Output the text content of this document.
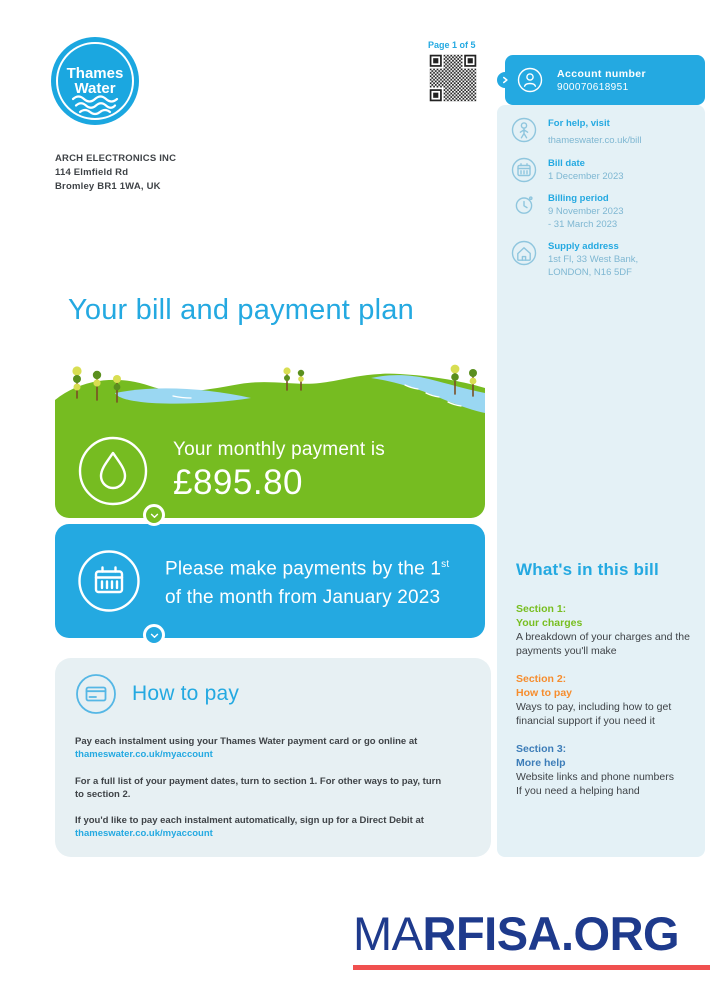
Thames
Water
ARCH ELECTRONICS INC
114 Elmfield Rd
Bromley BR1 1WA, UK
Page 1 of 5
For help, visit
thameswater.co.uk/bill
Bill date
1 December 2023
Billing period
9 November 2023
- 31 March 2023
Supply address
1st Fl, 33 West Bank,
LONDON, N16 5DF
What's in this bill
Section 1:
Your charges
A breakdown of your charges and the payments you'll make
Section 2:
How to pay
Ways to pay, including how to get financial support if you need it
Section 3:
More help
Website links and phone numbers
If you need a helping hand
Account number
900070618951
Your bill and payment plan
Your monthly payment is
£895.80
Please make payments by the 1st
of the month from January 2023
How to pay

Pay each instalment using your Thames Water payment card or go online at thameswater.co.uk/myaccount

For a full list of your payment dates, turn to section 1. For other ways to pay, turn to section 2.

If you'd like to pay each instalment automatically, sign up for a Direct Debit at thameswater.co.uk/myaccount

MARFISA.ORG
